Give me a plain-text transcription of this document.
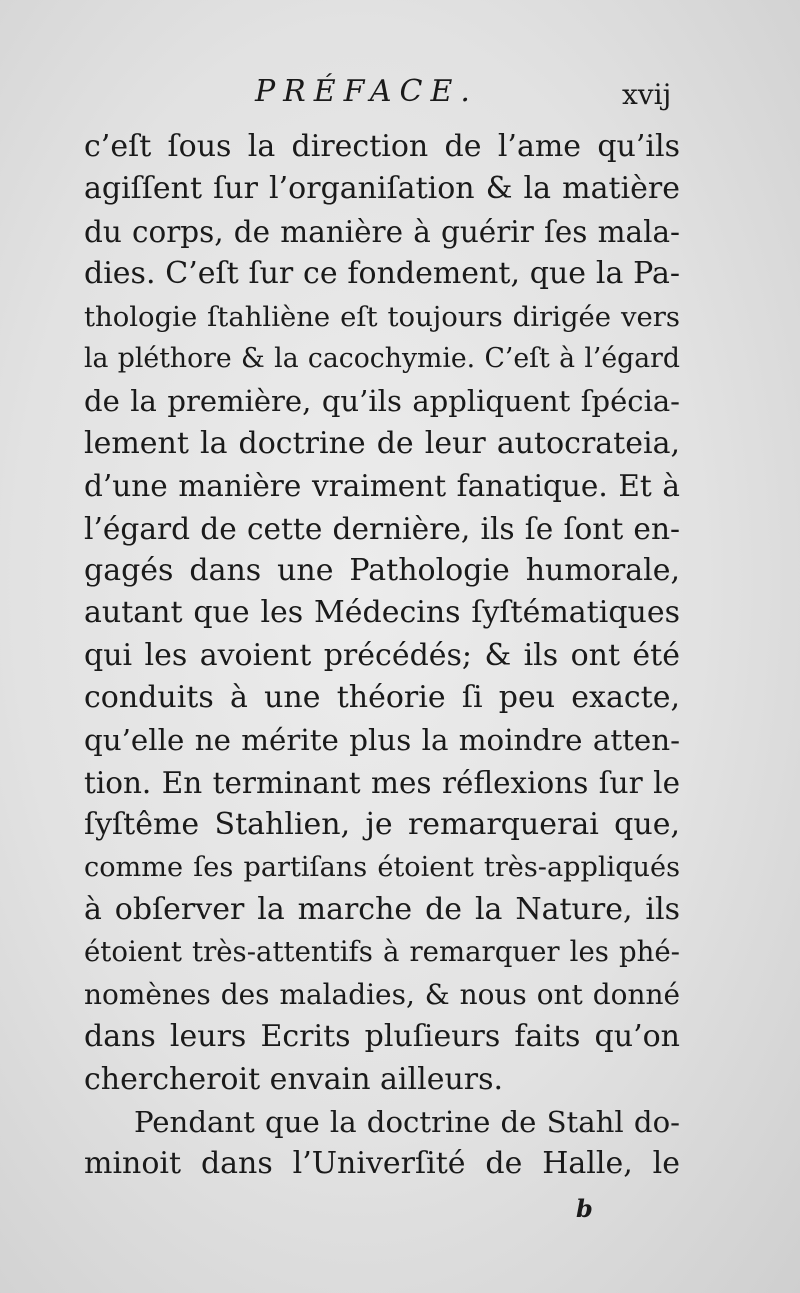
PRÉFACE.	xvij
c’eſt ſous la direction de l’ame qu’ils
agiſſent ſur l’organiſation & la matière
du corps, de manière à guérir ſes mala-
dies. C’eſt ſur ce fondement, que la Pa-
thologie ſtahliène eſt toujours dirigée vers
la pléthore & la cacochymie. C’eſt à l’égard
de la première, qu’ils appliquent ſpécia-
lement la doctrine de leur autocrateia,
d’une manière vraiment fanatique. Et à
l’égard de cette dernière, ils ſe ſont en-
gagés dans une Pathologie humorale,
autant que les Médecins ſyſtématiques
qui les avoient précédés; & ils ont été
conduits à une théorie ſi peu exacte,
qu’elle ne mérite plus la moindre atten-
tion. En terminant mes réflexions ſur le
ſyſtême Stahlien, je remarquerai que,
comme ſes partiſans étoient très-appliqués
à obſerver la marche de la Nature, ils
étoient très-attentifs à remarquer les phé-
nomènes des maladies, & nous ont donné
dans leurs Ecrits pluſieurs faits qu’on
chercheroit envain ailleurs.
Pendant que la doctrine de Stahl do-
minoit dans l’Univerſité de Halle, le
b
